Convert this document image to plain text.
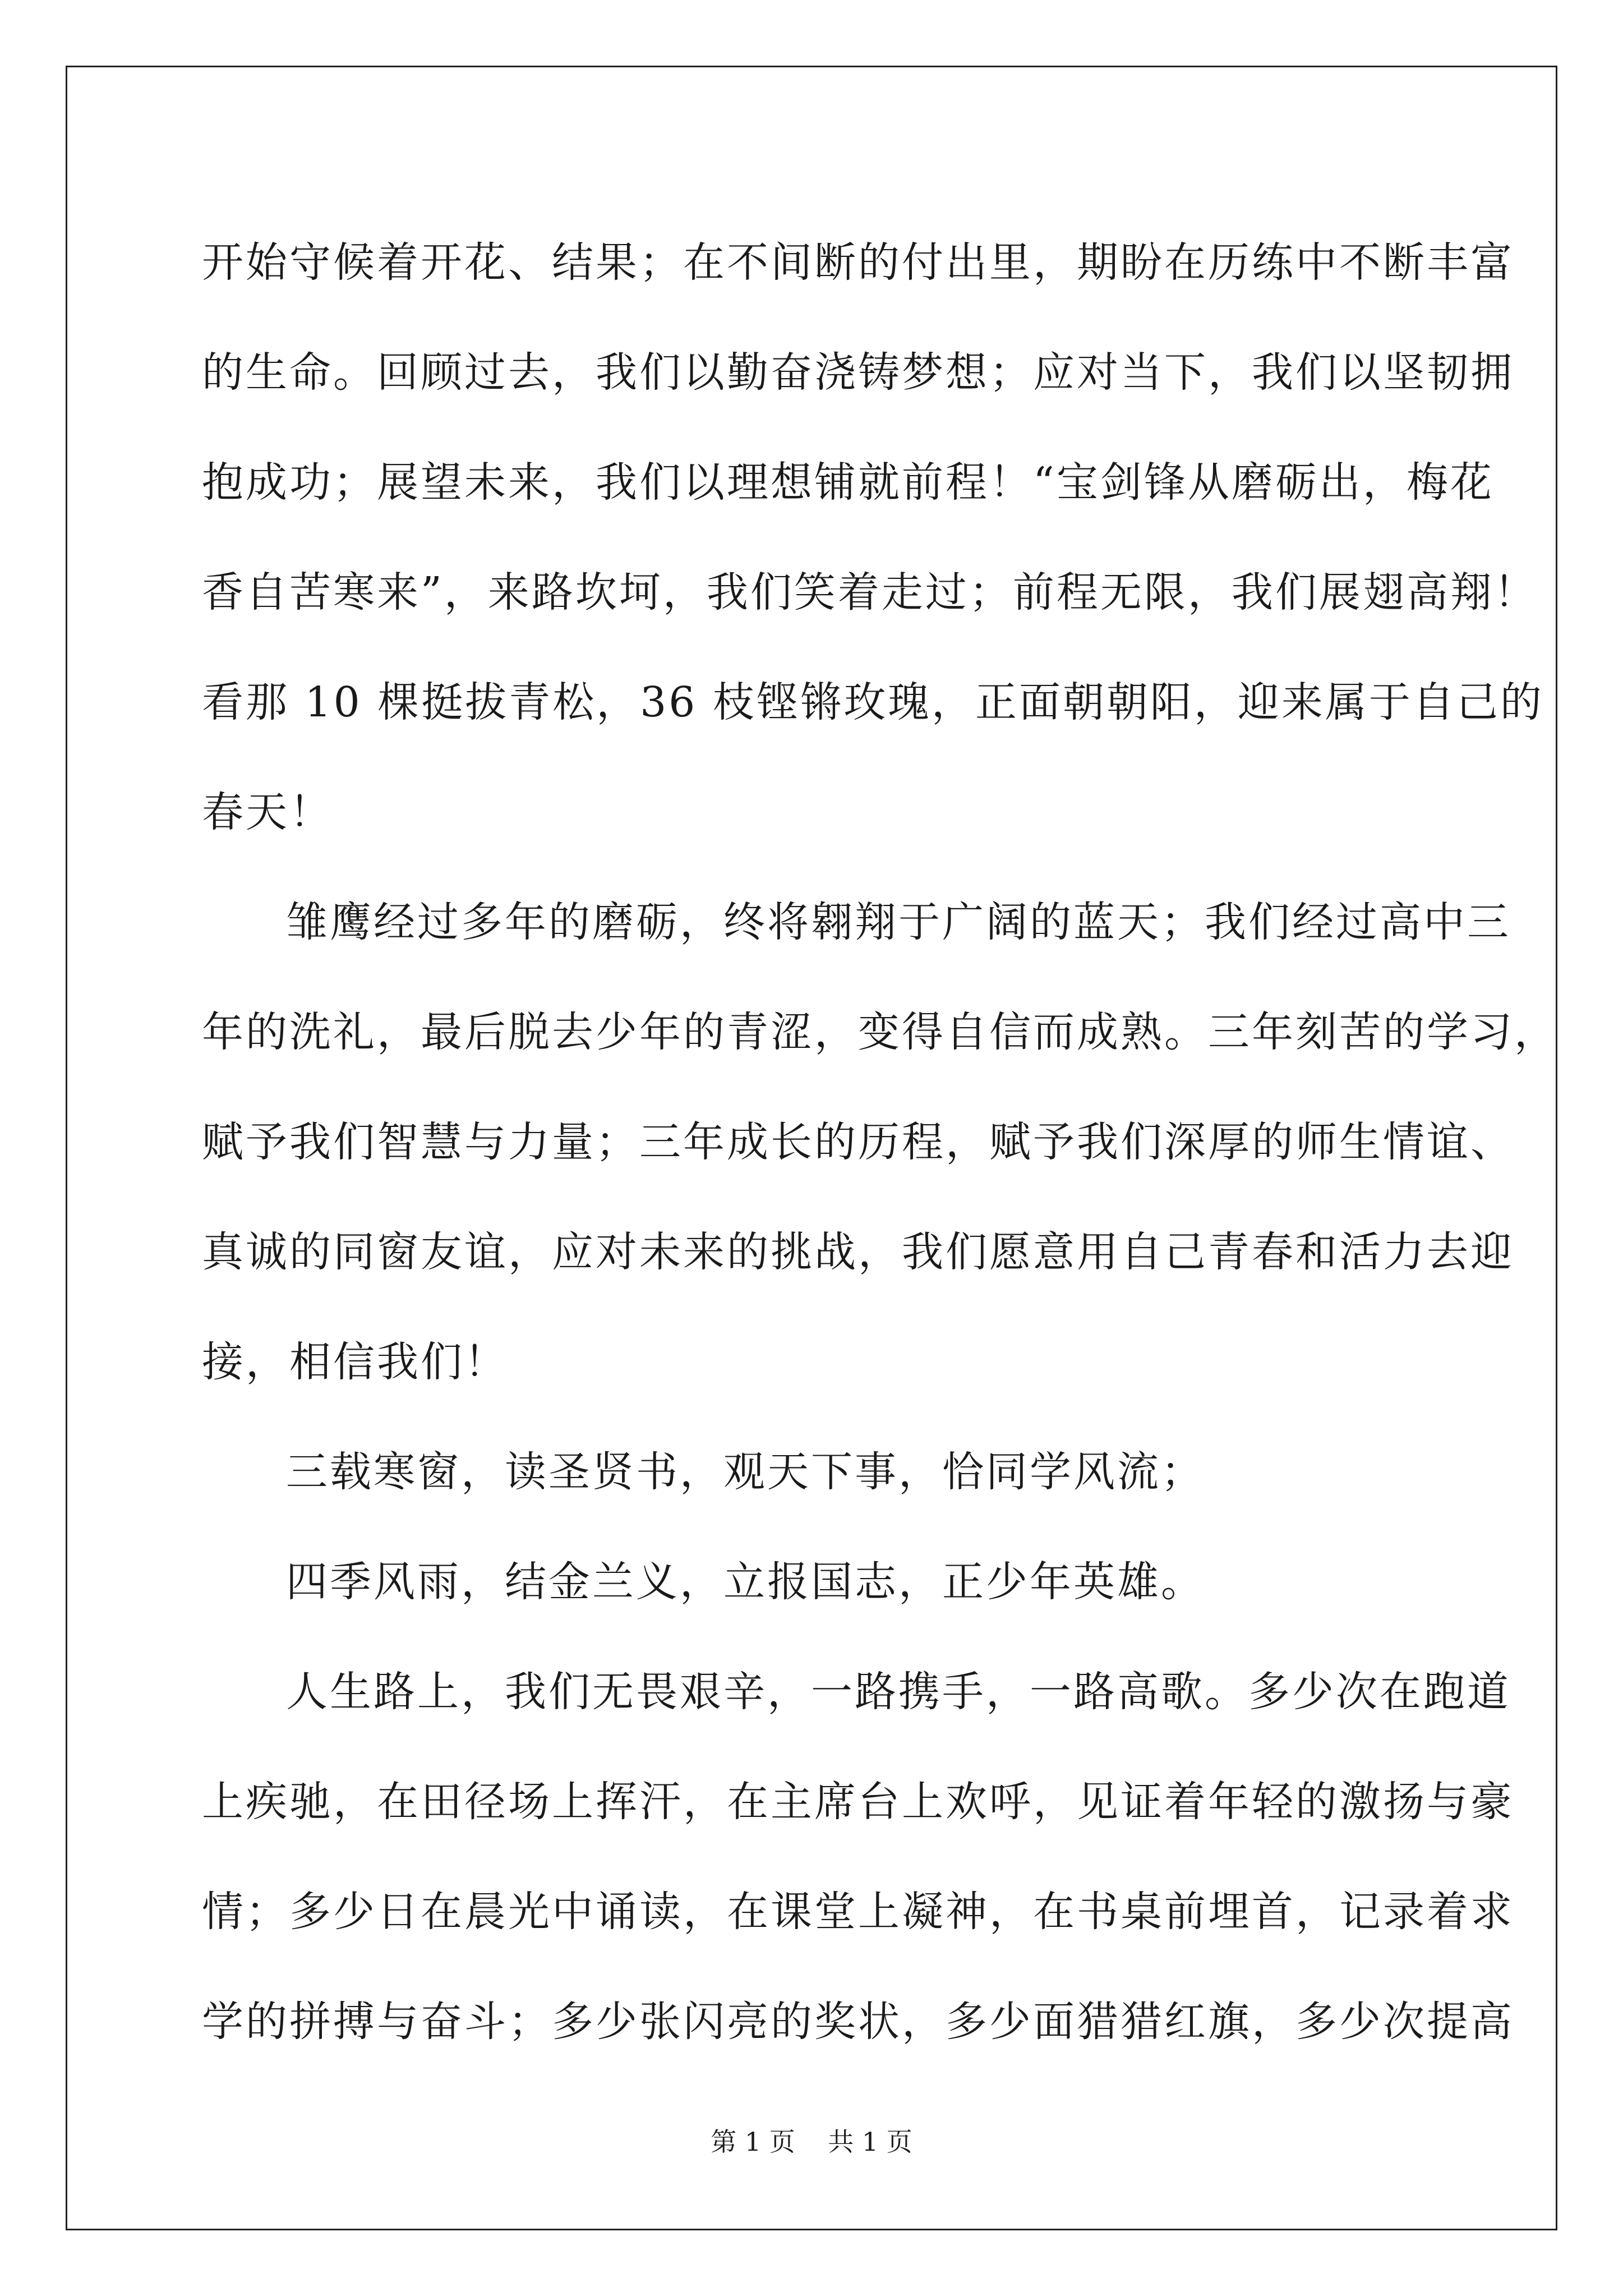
开始守候着开花、结果；在不间断的付出里，期盼在历练中不断丰富
的生命。回顾过去，我们以勤奋浇铸梦想；应对当下，我们以坚韧拥
抱成功；展望未来，我们以理想铺就前程！“宝剑锋从磨砺出，梅花
香自苦寒来”，来路坎坷，我们笑着走过；前程无限，我们展翅高翔！
看那 10 棵挺拔青松，36 枝铿锵玫瑰，正面朝朝阳，迎来属于自己的
春天！
雏鹰经过多年的磨砺，终将翱翔于广阔的蓝天；我们经过高中三
年的洗礼，最后脱去少年的青涩，变得自信而成熟。三年刻苦的学习，
赋予我们智慧与力量；三年成长的历程，赋予我们深厚的师生情谊、
真诚的同窗友谊，应对未来的挑战，我们愿意用自己青春和活力去迎
接，相信我们！
三载寒窗，读圣贤书，观天下事，恰同学风流；
四季风雨，结金兰义，立报国志，正少年英雄。
人生路上，我们无畏艰辛，一路携手，一路高歌。多少次在跑道
上疾驰，在田径场上挥汗，在主席台上欢呼，见证着年轻的激扬与豪
情；多少日在晨光中诵读，在课堂上凝神，在书桌前埋首，记录着求
学的拼搏与奋斗；多少张闪亮的奖状，多少面猎猎红旗，多少次提高
第 1 页    共 1 页
